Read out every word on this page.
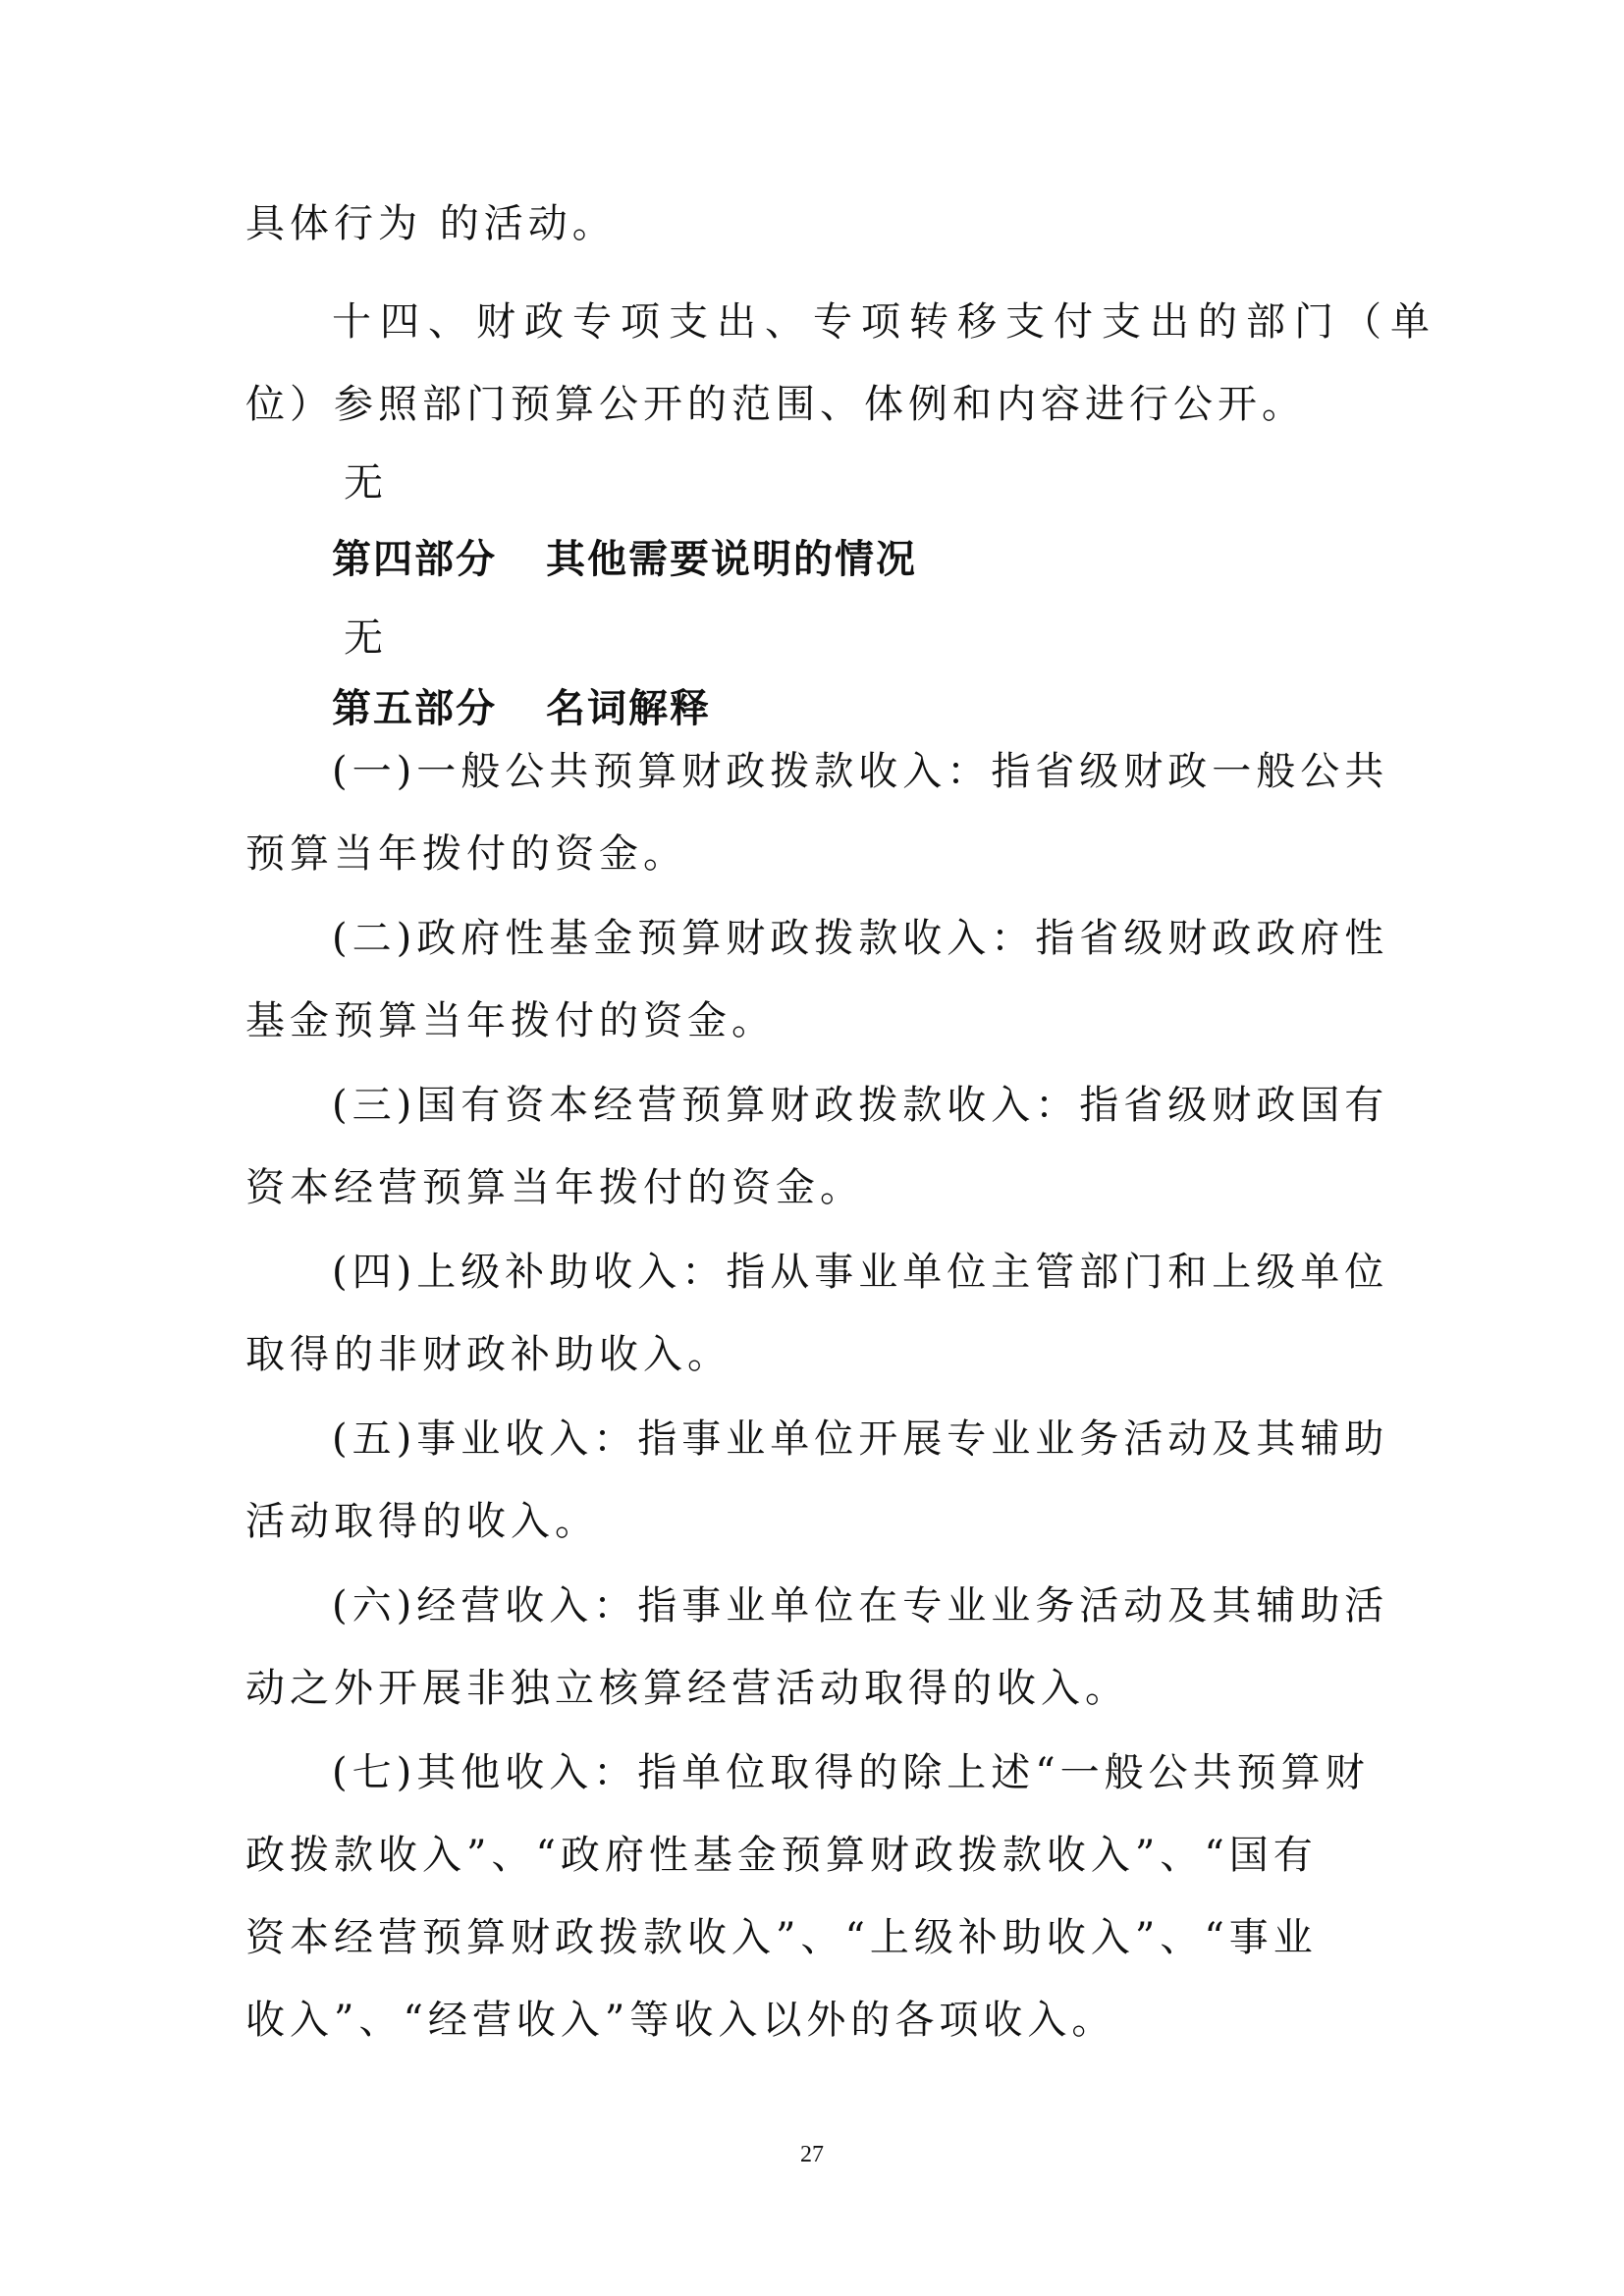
具体行为 的活动。
十四、财政专项支出、专项转移支付支出的部门（单
位）参照部门预算公开的范围、体例和内容进行公开。
无
第四部分 其他需要说明的情况
无
第五部分 名词解释
(一)一般公共预算财政拨款收入：指省级财政一般公共
预算当年拨付的资金。
(二)政府性基金预算财政拨款收入：指省级财政政府性
基金预算当年拨付的资金。
(三)国有资本经营预算财政拨款收入：指省级财政国有
资本经营预算当年拨付的资金。
(四)上级补助收入：指从事业单位主管部门和上级单位
取得的非财政补助收入。
(五)事业收入：指事业单位开展专业业务活动及其辅助
活动取得的收入。
(六)经营收入：指事业单位在专业业务活动及其辅助活
动之外开展非独立核算经营活动取得的收入。
(七)其他收入：指单位取得的除上述“一般公共预算财
政拨款收入”、“政府性基金预算财政拨款收入”、“国有
资本经营预算财政拨款收入”、“上级补助收入”、“事业
收入”、“经营收入”等收入以外的各项收入。
27
